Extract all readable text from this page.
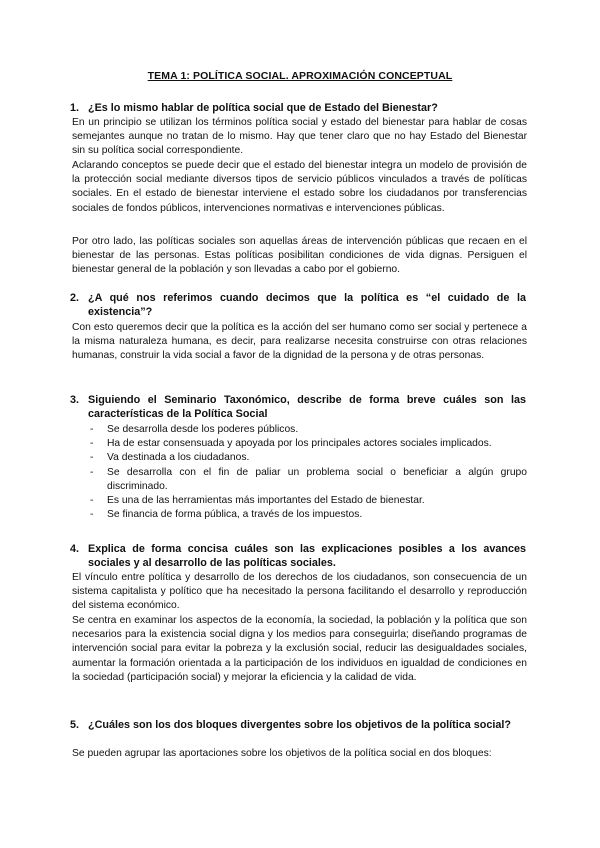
TEMA 1: POLÍTICA SOCIAL. APROXIMACIÓN CONCEPTUAL
1. ¿Es lo mismo hablar de política social que de Estado del Bienestar?
En un principio se utilizan los términos política social y estado del bienestar para hablar de cosas semejantes aunque no tratan de lo mismo. Hay que tener claro que no hay Estado del Bienestar sin su política social correspondiente.
Aclarando conceptos se puede decir que el estado del bienestar integra un modelo de provisión de la protección social mediante diversos tipos de servicio públicos vinculados a través de políticas sociales. En el estado de bienestar interviene el estado sobre los ciudadanos por transferencias sociales de fondos públicos, intervenciones normativas e intervenciones públicas.
Por otro lado, las políticas sociales son aquellas áreas de intervención públicas que recaen en el bienestar de las personas. Estas políticas posibilitan condiciones de vida dignas. Persiguen el bienestar general de la población y son llevadas a cabo por el gobierno.
2. ¿A qué nos referimos cuando decimos que la política es “el cuidado de la existencia”?
Con esto queremos decir que la política es la acción del ser humano como ser social y pertenece a la misma naturaleza humana, es decir, para realizarse necesita construirse con otras relaciones humanas, construir la vida social a favor de la dignidad de la persona y de otras personas.
3. Siguiendo el Seminario Taxonómico, describe de forma breve cuáles son las características de la Política Social
- Se desarrolla desde los poderes públicos.
- Ha de estar consensuada y apoyada por los principales actores sociales implicados.
- Va destinada a los ciudadanos.
- Se desarrolla con el fin de paliar un problema social o beneficiar a algún grupo discriminado.
- Es una de las herramientas más importantes del Estado de bienestar.
- Se financia de forma pública, a través de los impuestos.
4. Explica de forma concisa cuáles son las explicaciones posibles a los avances sociales y al desarrollo de las políticas sociales.
El vínculo entre política y desarrollo de los derechos de los ciudadanos, son consecuencia de un sistema capitalista y político que ha necesitado la persona facilitando el desarrollo y reproducción del sistema económico.
Se centra en examinar los aspectos de la economía, la sociedad, la población y la política que son necesarios para la existencia social digna y los medios para conseguirla; diseñando programas de intervención social para evitar la pobreza y la exclusión social, reducir las desigualdades sociales, aumentar la formación orientada a la participación de los individuos en igualdad de condiciones en la sociedad (participación social) y mejorar la eficiencia y la calidad de vida.
5. ¿Cuáles son los dos bloques divergentes sobre los objetivos de la política social?
Se pueden agrupar las aportaciones sobre los objetivos de la política social en dos bloques:
